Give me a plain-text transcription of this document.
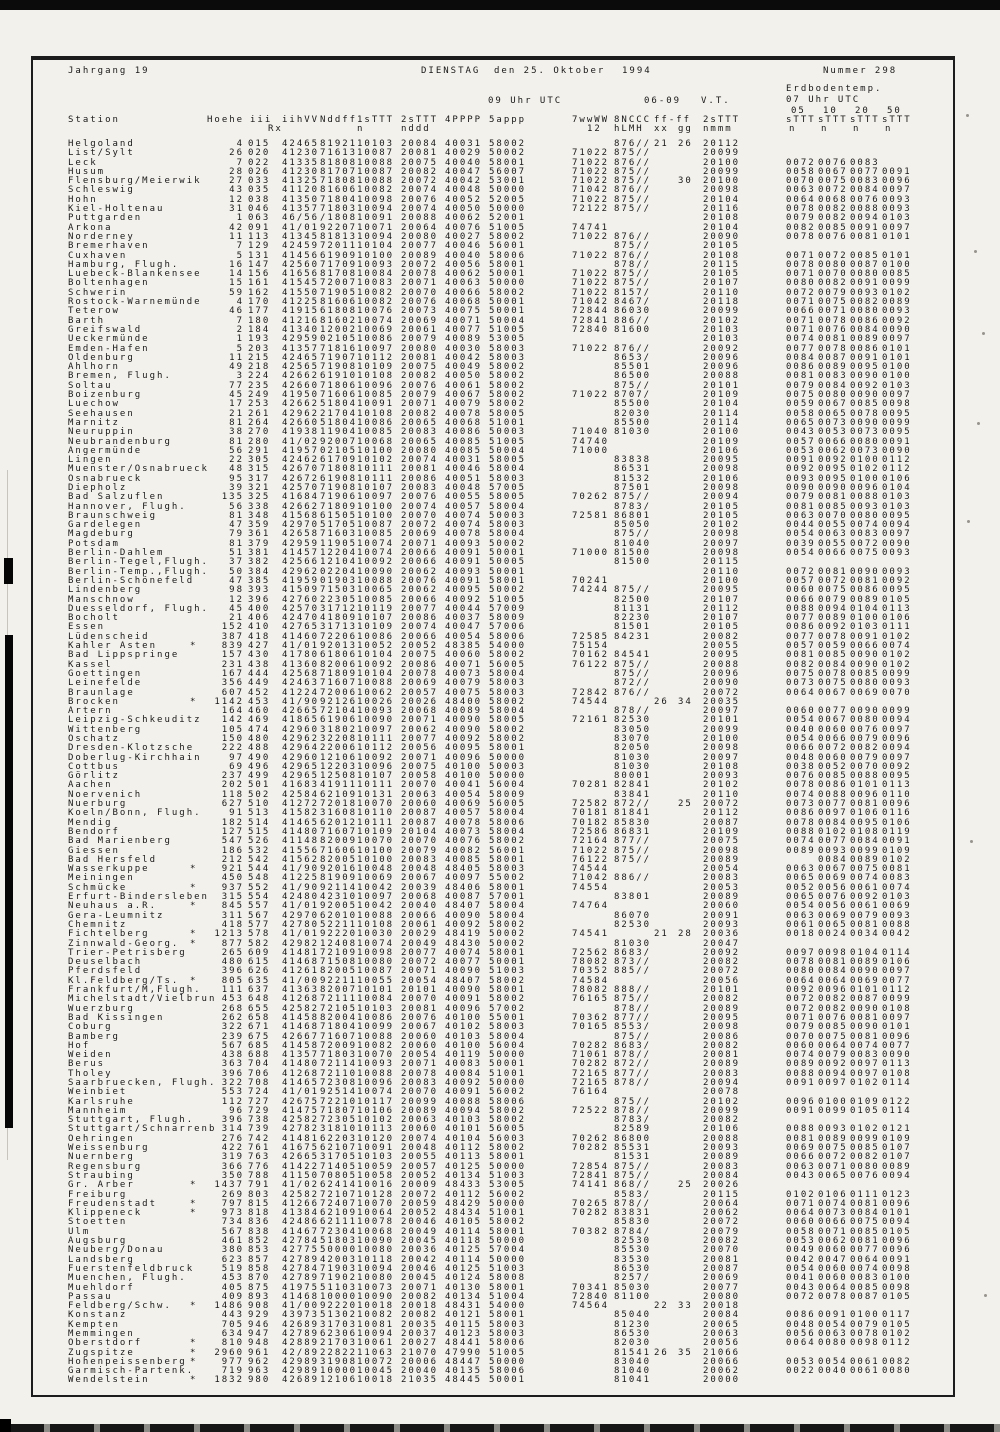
Jahrgang 19	DIENSTAG den 25. Oktober 1994	Nummer 298
09 Uhr UTC	06-09 V.T.
Erdbodentemp.
07 Uhr UTC
05 10 20 50
Station	Hoehe iii iihVV Nddff 1sTTT 2sTTT 4PPPP 5appp	7wwWW 8NCCC ff-ff 2sTTT	sTTT sTTT sTTT sTTT
Rx	n	nddd	12 hLMH xx gg nmmm	n	n	n	n
Helgoland	4 015 42465 81921 10103 20084 40031 58002	876// 21 26 20112
List/Sylt	26 020 41230 71613 10087 20081 40029 50002	71022 875//	20099
Leck	7 022 41335 81808 10088 20075 40040 58001	71022 876//	20100	0072 0076 0083
Husum	28 026 41230 81707 10087 20082 40047 56007	71022 875//	20099	0058 0067 0077 0091
Flensburg/Meierwik	27 033 41325 71808 10088 20072 40042 53001	71022 875//	30 20100	0070 0075 0083 0096
Schleswig	43 035 41120 81606 10082 20074 40048 50000	71042 876//	20098	0063 0072 0084 0097
Hohn	12 038 41350 71804 10098 20076 40052 52005	71022 875//	20104	0064 0068 0076 0093
Kiel-Holtenau	31 046 41357 71803 10094 20074 40050 50000	72122 875//	20116	0078 0082 0088 0093
Puttgarden	1 063 46/56 /1808 10091 20088 40062 52001	20108	0079 0082 0094 0103
Arkona	42 091 41/01 92207 10071 20064 40076 51005	74741	20104	0082 0085 0091 0097
Norderney	11 113 41345 81813 10094 20080 40027 58002	71022 876//	20090	0078 0076 0081 0101
Bremerhaven	7 129 42459 72011 10104 20077 40046 56001	875//	20105
Cuxhaven	5 131 41456 61909 10100 20089 40040 58006	71022 876//	20108	0071 0072 0085 0101
Hamburg, Flugh.	16 147 42560 71709 10093 20072 40056 58001	878//	20115	0078 0080 0087 0100
Luebeck-Blankensee	14 156 41656 81708 10084 20078 40062 50001	71022 875//	20105	0071 0070 0080 0085
Boltenhagen	15 161 41545 72007 10083 20071 40063 50000	71022 875//	20107	0080 0082 0091 0099
Schwerin	59 162 41550 71905 10082 20070 40066 58002	71022 8157/	20110	0072 0079 0093 0102
Rostock-Warnemünde	4 170 41225 81606 10082 20076 40068 50001	71042 8467/	20118	0071 0075 0082 0089
Teterow	46 177 41915 61808 10076 20073 40075 50001	72844 86030	20099	0066 0071 0080 0093
Barth	7 180 41216 81602 10074 20069 40071 50004	72841 886//	20102	0071 0078 0086 0092
Greifswald	2 184 41340 12002 10069 20061 40077 51005	72840 81600	20103	0071 0076 0084 0090
Ueckermünde	1 193 42959 02105 10086 20079 40089 53005	20103	0074 0081 0089 0097
Emden-Hafen	5 203 41357 71816 10097 20080 40030 58003	71022 876//	20092	0077 0078 0086 0101
Oldenburg	11 215 42465 71907 10112 20081 40042 58003	8653/	20096	0084 0087 0091 0101
Ahlhorn	49 218 42565 71908 10109 20075 40049 58002	85501	20096	0086 0089 0095 0100
Bremen, Flugh.	3 224 42662 61910 10108 20082 40050 58002	86500	20088	0081 0083 0090 0100
Soltau	77 235 42660 71806 10096 20076 40061 58002	875//	20101	0079 0084 0092 0103
Boizenburg	45 249 41950 71606 10085 20079 40067 58002	71022 8707/	20109	0075 0080 0090 0097
Luechow	17 253 42662 51804 10091 20071 40079 58002	85500	20104	0059 0067 0085 0098
Seehausen	21 261 42962 21704 10108 20082 40078 58005	82030	20114	0058 0065 0078 0095
Marnitz	81 264 42660 51804 10086 20065 40068 51001	85500	20114	0065 0073 0090 0099
Neuruppin	38 270 41938 11904 10085 20083 40086 50003	71040 81030	20100	0043 0053 0073 0095
Neubrandenburg	81 280 41/02 92007 10068 20065 40085 51005	74740	20109	0057 0066 0080 0091
Angermünde	56 291 41957 02105 10100 20080 40085 50004	71000	20106	0053 0062 0073 0090
Lingen	22 305 42462 61709 10102 20074 40031 58005	83838	20095	0091 0092 0100 0112
Muenster/Osnabrueck	48 315 42670 71808 10111 20081 40046 58004	86531	20098	0092 0095 0102 0112
Osnabrueck	95 317 42672 61908 10111 20086 40051 58003	81532	20106	0093 0095 0100 0106
Diepholz	39 321 42570 71908 10107 20083 40048 57005	87501	20098	0090 0090 0096 0104
Bad Salzuflen	135 325 41684 71906 10097 20076 40055 58005	70262 875//	20094	0079 0081 0088 0103
Hannover, Flugh.	56 338 42662 71809 10100 20074 40057 58004	8783/	20105	0081 0085 0093 0103
Braunschweig	81 348 41568 61505 10100 20070 40074 50003	72581 86801	20105	0063 0070 0080 0095
Gardelegen	47 359 42970 51705 10087 20072 40074 58003	85050	20102	0044 0055 0074 0094
Magdeburg	79 361 42658 71603 10085 20069 40078 58004	875//	20098	0054 0063 0083 0097
Potsdam	81 379 42959 11905 10074 20071 40093 50002	81040	20097	0039 0055 0072 0090
Berlin-Dahlem	51 381 41457 12204 10074 20066 40091 50001	71000 81500	20098	0054 0066 0075 0093
Berlin-Tegel,Flugh.	37 382 42566 12104 10092 20066 40091 50005	81500	20115
Berlin-Temp.,Flugh.	50 384 42962 02204 10090 20062 40093 50001	20110	0072 0081 0090 0093
Berlin-Schönefeld	47 385 41959 01903 10088 20076 40091 58001	70241	20100	0057 0072 0081 0092
Lindenberg	98 393 41509 71503 10065 20062 40095 50002	74244 875//	20095	0060 0075 0086 0095
Manschnow	12 396 42760 22305 10085 20066 40092 51005	82500	20107	0066 0079 0089 0105
Duesseldorf, Flugh.	45 400 42570 31712 10119 20077 40044 57009	81131	20112	0088 0094 0104 0113
Bocholt	21 406 42470 41809 10107 20086 40037 58009	82230	20107	0077 0089 0100 0106
Essen	152 410 42765 31713 10109 20074 40047 57006	81501	20105	0086 0092 0103 0111
Lüdenscheid	387 418 41460 72206 10086 20066 40054 58006	72585 84231	20082	0077 0078 0091 0102
Kahler Asten	*	839 427 41/01 92013 10052 20052 48385 54000	75154	20055	0057 0059 0066 0074
Bad Lippspringe	157 430 41780 61806 10104 20075 40060 58002	70162 84541	20095	0081 0085 0090 0102
Kassel	231 438 41360 82006 10092 20086 40071 56005	76122 875//	20088	0082 0084 0090 0102
Goettingen	167 444 42568 71809 10104 20078 40073 58004	875//	20096	0075 0078 0085 0099
Leinefelde	356 449 42463 71607 10088 20069 40079 58003	872//	20090	0073 0075 0080 0093
Braunlage	607 452 41224 72006 10062 20057 40075 58003	72842 876//	20072	0064 0067 0069 0070
Brocken	*	1142 453 41/90 92126 10026 20026 48400 58002	74544	26 34 20035
Artern	164 460 42665 72104 10093 20068 40089 58004	878//	20097	0060 0077 0090 0099
Leipzig-Schkeuditz	142 469 41865 61906 10090 20071 40090 58005	72161 82530	20101	0054 0067 0080 0094
Wittenberg	105 474 42960 31802 10097 20062 40090 58002	83050	20099	0040 0060 0076 0097
Oschatz	150 480 42962 32208 10111 20077 40092 58002	83070	20100	0054 0066 0079 0096
Dresden-Klotzsche	222 488 42964 22006 10112 20056 40095 58001	82050	20098	0066 0072 0082 0094
Doberlug-Kirchhain	97 490 42960 12106 10092 20071 40096 50000	81030	20097	0048 0060 0079 0097
Cottbus	69 496 42965 12203 10096 20075 40100 50003	81030	20108	0038 0052 0070 0092
Görlitz	237 499 42965 12508 10107 20058 40100 50000	80001	20093	0076 0085 0088 0095
Aachen	202 501 41683 41911 10111 20070 40041 56004	70281 82841	20102	0078 0086 0101 0113
Noervenich	118 502 42584 62109 10131 20063 40054 58009	83841	20110	0074 0088 0096 0110
Nuerburg	627 510 41272 72018 10070 20060 40069 56005	72582 872//	25 20072	0073 0077 0081 0096
Koeln/Bonn, Flugh.	91 513 41582 31608 10110 20087 40057 58004	70181 81841	20112	0086 0097 0106 0116
Mendig	182 514 41465 62012 10111 20087 40078 58006	70182 85830	20087	0078 0084 0095 0106
Bendorf	127 515 41480 71607 10109 20104 40073 58004	72586 86831	20109	0088 0102 0108 0119
Bad Marienberg	547 526 41148 82009 10070 20070 40076 58002	72164 877//	20075	0074 0077 0084 0091
Giessen	186 532 41556 71606 10100 20079 40082 56001	71022 875//	20098	0089 0093 0099 0109
Bad Hersfeld	212 542 41562 82005 10100 20083 40085 58001	76122 875//	20089	0084 0089 0102
Wasserkuppe	*	921 544 41/90 92016 10048 20048 48405 58003	74544	20054	0063 0067 0075 0081
Meiningen	450 548 41225 81909 10069 20067 40097 55002	71042 886//	20083	0065 0069 0074 0083
Schmücke	*	937 552 41/90 92114 10042 20039 48406 58001	74554	20053	0052 0056 0061 0074
Erfurt-Bindersleben	315 554 42480 42310 10097 20068 40087 57001	83801	20089	0065 0076 0092 0103
Neuhaus a.R.	*	845 557 41/01 92005 10042 20040 48407 58004	74764	20060	0054 0056 0061 0069
Gera-Leumnitz	311 567 42970 62010 10088 20066 40090 58004	86070	20091	0063 0069 0079 0093
Chemnitz	418 577 42780 52211 10108 20061 40092 58002	82530	20093	0061 0065 0081 0088
Fichtelberg	*	1213 578 41/01 92220 10030 20029 48419 50002	74541	21 28 20036	0018 0024 0034 0042
Zinnwald-Georg. *	877 582 42982 12408 10074 20049 48430 50002	81030	20047
Trier-Petrisberg	265 609 41481 72109 10098 20077 40074 58001	72562 8683/	20092	0097 0098 0104 0114
Deuselbach	480 615 41468 71508 10080 20072 40077 50001	78082 873//	20082	0078 0081 0089 0106
Pferdsfeld	396 626 41261 82005 10087 20071 40090 51003	70352 885//	20072	0080 0084 0090 0097
Kl.Feldberg/Ts. *	805 635 41/00 92211 10055 20054 48407 58002	74584	20056	0064 0064 0069 0077
Frankfurt/M,Flugh.	111 637 41363 82007 10101 20101 40090 58001	78082 888//	20101	0092 0096 0101 0112
Michelstadt/Vielbrun 453 648 41268 72111 10084 20070 40091 58002	76165 875//	20082	0072 0082 0087 0099
Wuerzburg	268 655 42582 72105 10103 20081 40096 57002	878//	20089	0072 0082 0090 0108
Bad Kissingen	262 658 41458 82004 10086 20076 40100 55001	70362 877//	20095	0071 0076 0081 0097
Coburg	322 671 41468 71804 10099 20067 40102 58003	70165 8553/	20098	0079 0085 0090 0101
Bamberg	239 675 42667 71607 10088 20060 40103 58004	875//	20086	0070 0075 0081 0096
Hof	567 685 41458 72009 10082 20060 40100 56004	70282 8683/	20082	0060 0064 0074 0077
Weiden	438 688 41357 71803 10070 20054 40119 50000	71061 878//	20081	0074 0079 0083 0090
Berus	363 704 41480 72114 10093 20071 40083 50001	70282 872//	20089	0089 0092 0097 0113
Tholey	396 706 41268 72110 10088 20078 40084 51001	72165 877//	20083	0088 0094 0097 0108
Saarbruecken, Flugh. 322 708 41465 72308 10096 20083 40092 50000	72165 878//	20094	0091 0097 0102 0114
Weinbiet	553 724 41/01 92514 10074 20070 40091 56002	76164	20078
Karlsruhe	112 727 42675 72210 10117 20099 40088 58006	875//	20102	0096 0100 0109 0122
Mannheim	96 729 41475 71807 10106 20089 40094 58002	72522 878//	20099	0091 0099 0105 0114
Stuttgart, Flugh.	396 738 42582 72305 10102 20063 40103 58002	8783/	20082
Stuttgart/Schnarrenb 314 739 42782 31810 10113 20060 40101 56005	82589	20106	0088 0093 0102 0121
Oehringen	276 742 41481 62203 10120 20074 40104 56003	70262 86800	20088	0081 0089 0099 0109
Weissenburg	422 761 41675 62107 10091 20048 40112 58002	70282 85531	20093	0069 0075 0085 0107
Nuernberg	319 763 42665 31705 10103 20055 40113 58001	81531	20089	0066 0072 0082 0107
Regensburg	366 776 41422 71405 10059 20057 40125 50000	72854 875//	20083	0063 0071 0080 0089
Straubing	350 788 41150 70805 10058 20052 40134 51003	72841 875//	20084	0043 0065 0076 0094
Gr. Arber	*	1437 791 41/02 62414 10016 20009 48433 53005	74141 868//	25 20026
Freiburg	269 803 42582 72107 10128 20072 40112 56002	8583/	20115	0102 0106 0111 0123
Freudenstadt	*	797 815 41266 72407 10070 20059 48429 50000	70265 878//	20064	0071 0074 0081 0096
Klippeneck	*	973 818 41384 62109 10064 20052 48434 51001	70282 83831	20062	0064 0073 0084 0101
Stoetten	734 836 42486 62111 10078 20046 40105 58002	85830	20072	0060 0066 0075 0094
Ulm	567 838 41467 72304 10068 20049 40114 58001	70382 8784/	20079	0058 0071 0085 0105
Augsburg	461 852 42784 51803 10090 20045 40118 50000	82530	20082	0053 0062 0081 0096
Neuberg/Donau	380 853 42775 50000 10080 20036 40125 57004	85530	20070	0049 0060 0077 0096
Landsberg	623 857 42789 42003 10118 20042 40114 50000	83530	20081	0042 0047 0064 0091
Fuerstenfeldbruck	519 858 42784 71903 10094 20046 40125 51003	86530	20087	0054 0060 0074 0098
Muenchen, Flugh.	453 870 42789 71902 10080 20045 40124 58008	8257/	20069	0041 0060 0083 0100
Muehldorf	405 875 41975 51103 10073 20071 40130 58001	70341 85030	20077	0043 0064 0085 0098
Passau	409 893 41468 10000 10090 20082 40134 51004	72840 81100	20080	0072 0078 0087 0105
Feldberg/Schw. *	1486 908 41/00 92220 10018 20018 48431 54000	74564	22 33 20018
Konstanz	443 929 43973 51302 10082 20082 40121 58001	85040	20084	0086 0091 0100 0117
Kempten	705 946 42689 31703 10081 20035 40115 58003	81230	20065	0048 0054 0079 0105
Memmingen	634 947 42789 62306 10094 20037 40123 58003	86530	20063	0056 0063 0078 0102
Oberstdorf	*	810 948 42889 21703 10061 20027 48441 58006	82030	20056	0064 0080 0098 0112
Zugspitze	*	2960 961 42/89 22822 11063 21070 47990 51005	81541 26 35 21066
Hohenpeissenberg *	977 962 42989 31908 10072 20006 48447 50000	83040	20066	0053 0054 0061 0082
Garmisch-Partenk.	719 963 42989 10000 10045 20040 40135 58006	81040	20062	0022 0040 0061 0080
Wendelstein	*	1832 980 42689 12106 10018 21035 48445 50001	81041	20000
